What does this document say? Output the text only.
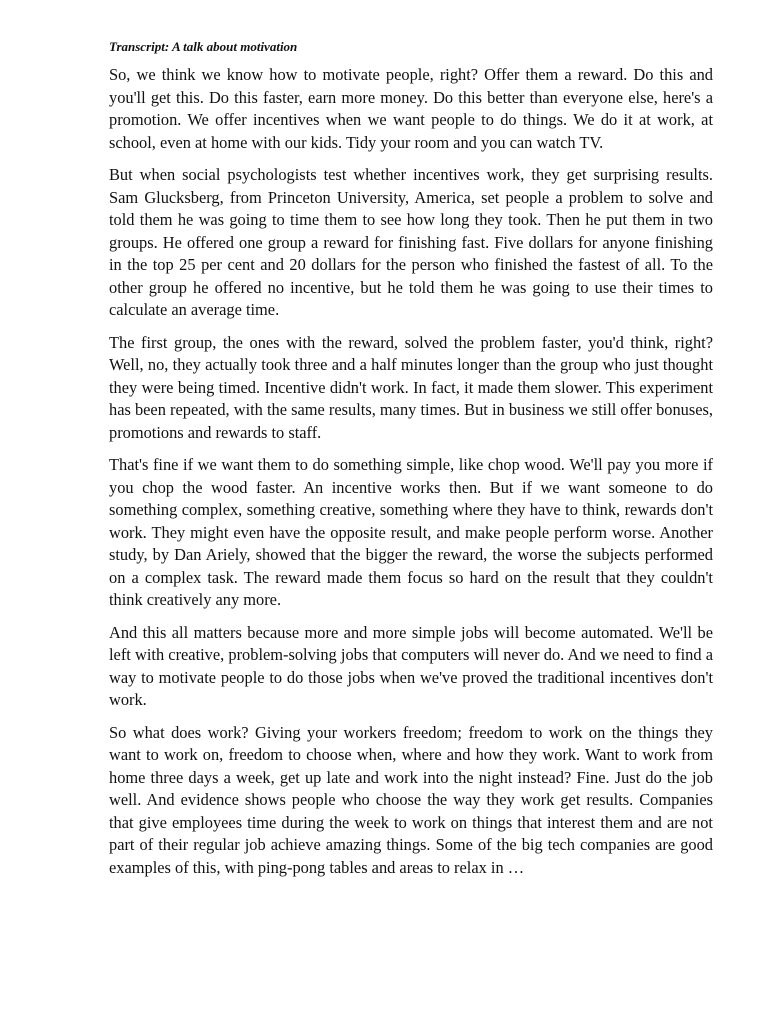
Transcript: A talk about motivation

So, we think we know how to motivate people, right? Offer them a reward. Do this and you'll get this. Do this faster, earn more money. Do this better than everyone else, here's a promotion. We offer incentives when we want people to do things. We do it at work, at school, even at home with our kids. Tidy your room and you can watch TV.

But when social psychologists test whether incentives work, they get surprising results. Sam Glucksberg, from Princeton University, America, set people a problem to solve and told them he was going to time them to see how long they took. Then he put them in two groups. He offered one group a reward for finishing fast. Five dollars for anyone finishing in the top 25 per cent and 20 dollars for the person who finished the fastest of all. To the other group he offered no incentive, but he told them he was going to use their times to calculate an average time.

The first group, the ones with the reward, solved the problem faster, you'd think, right? Well, no, they actually took three and a half minutes longer than the group who just thought they were being timed. Incentive didn't work. In fact, it made them slower. This experiment has been repeated, with the same results, many times. But in business we still offer bonuses, promotions and rewards to staff.

That's fine if we want them to do something simple, like chop wood. We'll pay you more if you chop the wood faster. An incentive works then. But if we want someone to do something complex, something creative, something where they have to think, rewards don't work. They might even have the opposite result, and make people perform worse. Another study, by Dan Ariely, showed that the bigger the reward, the worse the subjects performed on a complex task. The reward made them focus so hard on the result that they couldn't think creatively any more.

And this all matters because more and more simple jobs will become automated. We'll be left with creative, problem-solving jobs that computers will never do. And we need to find a way to motivate people to do those jobs when we've proved the traditional incentives don't work.

So what does work? Giving your workers freedom; freedom to work on the things they want to work on, freedom to choose when, where and how they work. Want to work from home three days a week, get up late and work into the night instead? Fine. Just do the job well. And evidence shows people who choose the way they work get results. Companies that give employees time during the week to work on things that interest them and are not part of their regular job achieve amazing things. Some of the big tech companies are good examples of this, with ping-pong tables and areas to relax in …
